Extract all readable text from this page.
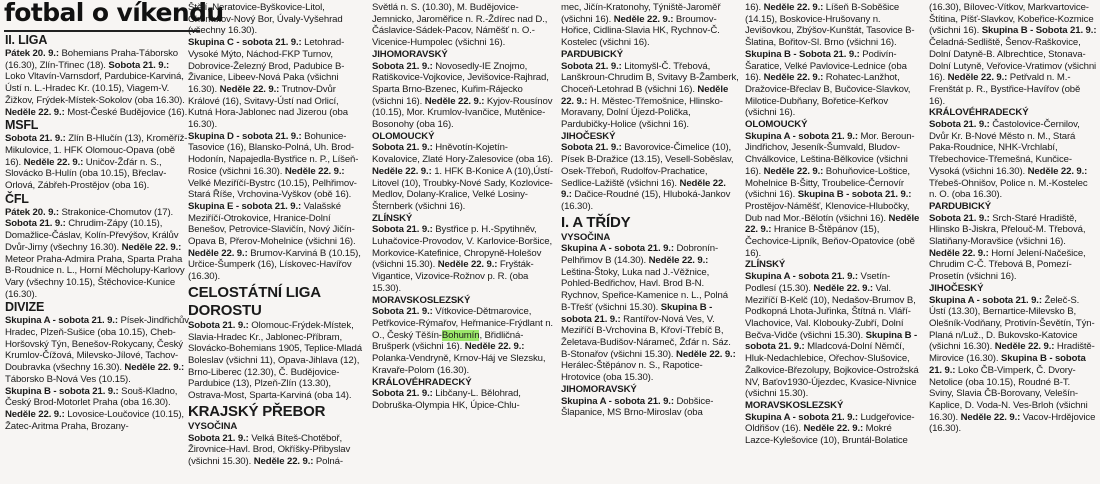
fotbal o víkendu
II. LIGA
Pátek 20. 9.: Bohemians Praha-Táborsko (16.30), Zlín-Třinec (18). Sobota 21. 9.: Loko Vltavín-Varnsdorf, Pardubice-Karviná, Ústí n. L.-Hradec Kr. (10.15), Viagem-V. Žižkov, Frýdek-Místek-Sokolov (oba 16.30). Neděle 22. 9.: Most-České Budějovice (16).
MSFL
Sobota 21. 9.: Zlín B-Hlučín (13), Kroměříž-Mikulovice, 1. HFK Olomouc-Opava (obě 16). Neděle 22. 9.: Uničov-Žďár n. S., Slovácko B-Hulín (oba 10.15), Břeclav-Orlová, Zábřeh-Prostějov (oba 16).
ČFL
Pátek 20. 9.: Strakonice-Chomutov (17). Sobota 21. 9.: Chrudim-Zápy (10.15), Domažlice-Čáslav, Kolín-Převýšov, Králův Dvůr-Jirny (všechny 16.30). Neděle 22. 9.: Meteor Praha-Admira Praha, Sparta Praha B-Roudnice n. L., Horní Měcholupy-Karlovy Vary (všechny 10.15), Štěchovice-Kunice (16.30).
DIVIZE
Skupina A - sobota 21. 9.: Písek-Jindřichův Hradec, Plzeň-Sušice (oba 10.15), Cheb-Horšovský Týn, Benešov-Rokycany, Český Krumlov-Čížová, Milevsko-Jílové, Tachov-Doubravka (všechny 16.30). Neděle 22. 9.: Táborsko B-Nová Ves (10.15).
Skupina B - sobota 21. 9.: Souš-Kladno, Český Brod-Motorlet Praha (oba 16.30). Neděle 22. 9.: Lovosice-Loučovice (10.15), Žatec-Aritma Praha, Brozany-
Štětí, Neratovice-Byškovice-Litol, Chomutov-Nový Bor, Úvaly-Vyšehrad (všechny 16.30).
Skupina C - sobota 21. 9.: Letohrad-Vysoké Mýto, Náchod-FKP Turnov, Dobrovice-Železný Brod, Padubice B-Živanice, Libeev-Nová Paka (všichni 16.30). Neděle 22. 9.: Trutnov-Dvůr Králové (16), Svitavy-Ústí nad Orlicí, Kutná Hora-Jablonec nad Jizerou (oba 16.30).
Skupina D - sobota 21. 9.: Bohunice-Tasovice (16), Blansko-Polná, Uh. Brod-Hodonín, Napajedla-Bystřice n. P., Líšeň-Rosice (všichni 16.30). Neděle 22. 9.: Velké Meziříčí-Bystrc (10.15), Pelhřimov-Stará Říše, Vrchovina-Vyškov (obě 16).
Skupina E - sobota 21. 9.: Valašské Meziříčí-Otrokovice, Hranice-Dolní Benešov, Petrovice-Slavičín, Nový Jičín-Opava B, Přerov-Mohelnice (všichni 16). Neděle 22. 9.: Brumov-Karviná B (10.15), Určice-Šumperk (16), Lískovec-Havířov (16.30).
CELOSTÁTNÍ LIGA DOROSTU
Sobota 21. 9.: Olomouc-Frýdek-Místek, Slavia-Hradec Kr., Jablonec-Příbram, Slovácko-Bohemians 1905, Teplice-Mladá Boleslav (všichni 11), Opava-Jihlava (12), Brno-Liberec (12.30), Č. Budějovice-Pardubice (13), Plzeň-Zlín (13.30), Ostrava-Most, Sparta-Karviná (oba 14).
KRAJSKÝ PŘEBOR
VYSOČINA
Sobota 21. 9.: Velká Bíteš-Chotěboř, Žirovnice-Havl. Brod, Okříšky-Přibyslav (všichni 15.30). Neděle 22. 9.: Polná-
Světlá n. S. (10.30), M. Budějovice-Jemnicko, Jaroměřice n. R.-Ždírec nad D., Čáslavice-Sádek-Pacov, Náměšť n. O.-Vicenice-Humpolec (všichni 16).
JIHOMORAVSKÝ
Sobota 21. 9.: Novosedly-IE Znojmo, Ratiškovice-Vojkovice, Jevišovice-Rajhrad, Sparta Brno-Bzenec, Kuřim-Rájecko (všichni 16). Neděle 22. 9.: Kyjov-Rousínov (10.15), Mor. Krumlov-Ivančice, Mutěnice-Bosonohy (oba 16).
OLOMOUCKÝ
Sobota 21. 9.: Hněvotín-Kojetín-Kovalovice, Zlaté Hory-Zalesovice (oba 16). Neděle 22. 9.: 1. HFK B-Konice A (10),Ústí-Litovel (10), Troubky-Nové Sady, Kozlovice-Medlov, Dolany-Kralice, Velké Losiny-Šternberk (všichni 16).
ZLÍNSKÝ
Sobota 21. 9.: Bystřice p. H.-Spytihněv, Luhačovice-Provodov, V. Karlovice-Boršice, Morkovice-Katefinice, Chropyně-Holešov (všichni 15.30). Neděle 22. 9.: Fryšták-Vigantice, Vizovice-Rožnov p. R. (oba 15.30).
MORAVSKOSLEZSKÝ
Sobota 21. 9.: Vítkovice-Dětmarovice, Petřkovice-Rýmařov, Heřmanice-Frýdlant n. O., Český Těšín-Bohumín, Břidličná-Brušperk (všichni 16). Neděle 22. 9.: Polanka-Vendryně, Krnov-Háj ve Slezsku, Kravaře-Polom (16.30).
KRÁLOVÉHRADECKÝ
Sobota 21. 9.: Libčany-L. Bělohrad, Dobruška-Olympia HK, Úpice-Chlu-
mec, Jičín-Kratonohy, Týniště-Jaroměř (všichni 16). Neděle 22. 9.: Broumov-Hořice, Cidlina-Slavia HK, Rychnov-Č. Kostelec (všichni 16).
PARDUBICKÝ
Sobota 21. 9.: Litomyšl-Č. Třebová, Lanškroun-Chrudim B, Svitavy B-Žamberk, Choceň-Letohrad B (všichni 16). Neděle 22. 9.: H. Městec-Třemošnice, Hlinsko-Moravany, Dolní Újezd-Polička, Pardubičky-Holice (všichni 16).
JIHOČESKÝ
Sobota 21. 9.: Bavorovice-Čimelice (10), Písek B-Dražice (13.15), Vesell-Soběslav, Osek-Třeboň, Rudolfov-Prachatice, Sedlice-Lažiště (všichni 16). Neděle 22. 9.: Dačice-Roudné (15), Hluboká-Jankov (16.30).
I. A TŘÍDY
VYSOČINA
Skupina A - sobota 21. 9.: Dobronín-Pelhřimov B (14.30). Neděle 22. 9.: Leština-Štoky, Luka nad J.-Věžnice, Pohled-Bedřichov, Havl. Brod B-N. Rychnov, Speřice-Kamenice n. L., Polná B-Třešť (všichni 15.30). Skupina B - sobota 21. 9.: Rantířov-Nová Ves, V. Meziříčí B-Vrchovina B, Křoví-Třebíč B, Želetava-Budišov-Nárameč, Žďár n. Sáz. B-Stonařov (všichni 15.30). Neděle 22. 9.: Herálec-Štěpánov n. S., Rapotice-Hrotovice (oba 15.30).
JIHOMORAVSKÝ
Skupina A - sobota 21. 9.: Dobšice-Šlapanice, MS Brno-Miroslav (oba
16). Neděle 22. 9.: Líšeň B-Soběšice (14.15), Boskovice-Hrušovany n. Jevišovkou, Zbýšov-Kunštát, Tasovice B-Šlatina, Bořitov-Sl. Brno (všichni 16). Skupina B - Sobota 21. 9.: Podivín-Šaratice, Velké Pavlovice-Lednice (oba 16). Neděle 22. 9.: Rohatec-Lanžhot, Dražovice-Břeclav B, Bučovice-Slavkov, Milotice-Dubňany, Bořetice-Keřkov (všichni 16).
OLOMOUCKÝ
Skupina A - sobota 21. 9.: Mor. Beroun-Jindřichov, Jeseník-Šumvald, Bludov-Chválkovice, Leština-Bělkovice (všichni 16). Neděle 22. 9.: Bohuňovice-Loštice, Mohelnice B-Šitty, Troubelice-Černovír (všichni 16). Skupina B - sobota 21. 9.: Prostějov-Náměšť, Klenovice-Hlubočky, Dub nad Mor.-Bělotín (všichni 16). Neděle 22. 9.: Hranice B-Štěpánov (15), Čechovice-Lipník, Beňov-Opatovice (obě 16).
ZLÍNSKÝ
Skupina A - sobota 21. 9.: Vsetín-Podlesí (15.30). Neděle 22. 9.: Val. Meziříčí B-Kelč (10), Nedašov-Brumov B, Podkopná Lhota-Juřinka, Štítná n. Vláří-Vlachovice, Val. Klobouky-Zubří, Dolní Bečva-Vidče (všichni 15.30). Skupina B - sobota 21. 9.: Mladcová-Dolní Němčí, Hluk-Nedachlebice, Ořechov-Slušovice, Žalkovice-Březolupy, Bojkovice-Ostrožská NV, Baťov1930-Újezdec, Kvasice-Nivnice (všichni 15.30).
MORAVSKOSLEZSKÝ
Skupina A - sobota 21. 9.: Ludgeřovice-Oldřišov (16). Neděle 22. 9.: Mokré Lazce-Kylešovice (10), Bruntál-Bolatice
(16.30), Bílovec-Vítkov, Markvartovice-Štítina, Píšť-Slavkov, Kobeřice-Kozmice (všichni 16). Skupina B - Sobota 21. 9.: Čeladná-Sedliště, Šenov-Raškovice, Dolní Datyně-B. Albrechtice, Stonava-Dolní Lutyně, Veřovice-Vratimov (všichni 16). Neděle 22. 9.: Petřvald n. M.-Frenštát p. R., Bystřice-Havířov (obě 16).
KRÁLOVÉHRADECKÝ
Sobota 21. 9.: Častolovice-Černilov, Dvůr Kr. B-Nové Město n. M., Stará Paka-Roudnice, NHK-Vrchlabí, Třebechovice-Třemešná, Kunčice-Vysoká (všichni 16.30). Neděle 22. 9.: Třebeš-Ohnišov, Police n. M.-Kostelec n. O. (oba 16.30).
PARDUBICKÝ
Sobota 21. 9.: Srch-Staré Hradiště, Hlinsko B-Jiskra, Přelouč-M. Třebová, Slatiňany-Moravšice (všichni 16). Neděle 22. 9.: Horní Jelení-Načešice, Chrudim C-Č. Třebová B, Pomezí-Prosetín (všichni 16).
JIHOČESKÝ
Skupina A - sobota 21. 9.: Želeč-S. Ústí (13.30), Bernartice-Milevsko B, Olešník-Vodňany, Protivín-Ševětín, Týn-Planá n/Luž., D. Bukovsko-Katovice (všichni 16.30). Neděle 22. 9.: Hradiště-Mirovice (16.30). Skupina B - sobota 21. 9.: Loko ČB-Vimperk, Č. Dvory-Netolice (oba 10.15), Roudné B-T. Sviny, Slavia ČB-Borovany, Velešín-Kaplice, D. Voda-N. Ves-Brloh (všichni 16.30). Neděle 22. 9.: Vacov-Hrdějovice (16.30).
